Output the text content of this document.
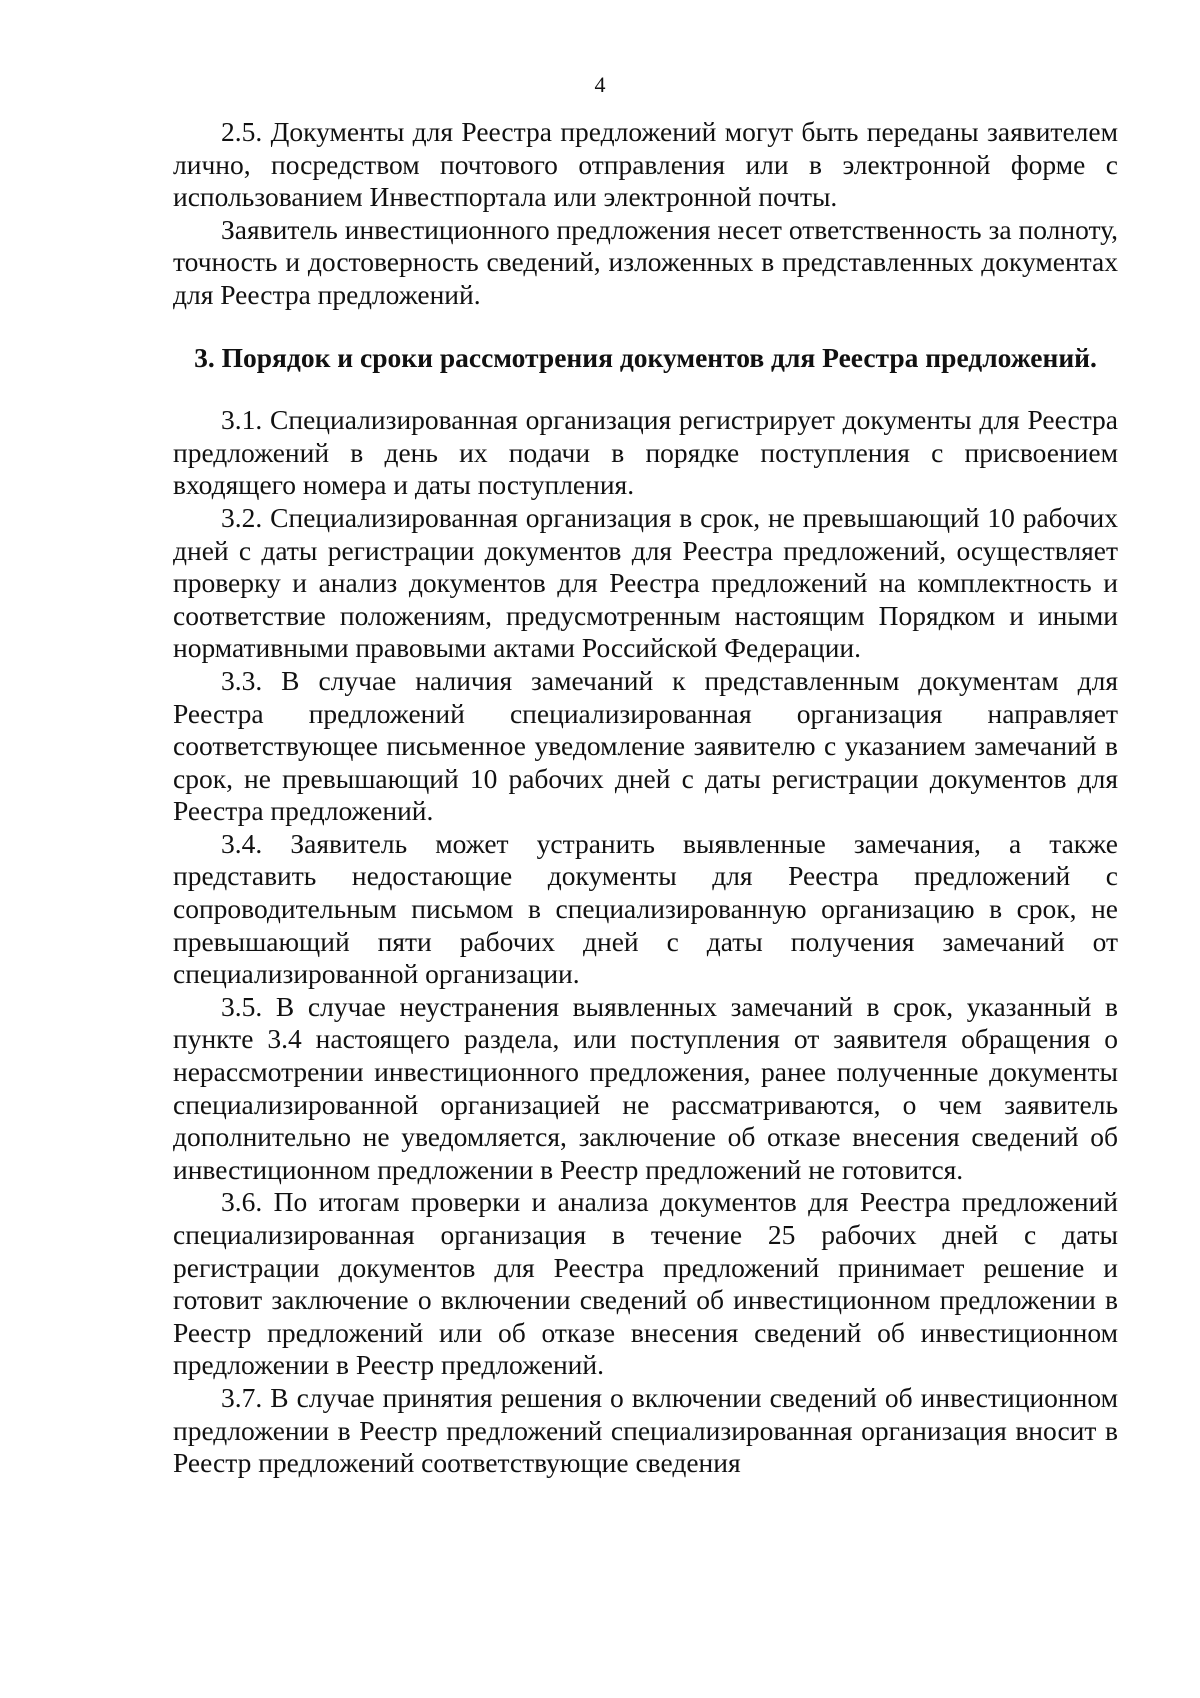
4

2.5. Документы для Реестра предложений могут быть переданы заявителем лично, посредством почтового отправления или в электронной форме с использованием Инвестпортала или электронной почты.

Заявитель инвестиционного предложения несет ответственность за полноту, точность и достоверность сведений, изложенных в представленных документах для Реестра предложений.

3. Порядок и сроки рассмотрения документов для Реестра предложений.

3.1. Специализированная организация регистрирует документы для Реестра предложений в день их подачи в порядке поступления с присвоением входящего номера и даты поступления.

3.2. Специализированная организация в срок, не превышающий 10 рабочих дней с даты регистрации документов для Реестра предложений, осуществляет проверку и анализ документов для Реестра предложений на комплектность и соответствие положениям, предусмотренным настоящим Порядком и иными нормативными правовыми актами Российской Федерации.

3.3. В случае наличия замечаний к представленным документам для Реестра предложений специализированная организация направляет соответствующее письменное уведомление заявителю с указанием замечаний в срок, не превышающий 10 рабочих дней с даты регистрации документов для Реестра предложений.

3.4. Заявитель может устранить выявленные замечания, а также представить недостающие документы для Реестра предложений с сопроводительным письмом в специализированную организацию в срок, не превышающий пяти рабочих дней с даты получения замечаний от специализированной организации.

3.5. В случае неустранения выявленных замечаний в срок, указанный в пункте 3.4 настоящего раздела, или поступления от заявителя обращения о нерассмотрении инвестиционного предложения, ранее полученные документы специализированной организацией не рассматриваются, о чем заявитель дополнительно не уведомляется, заключение об отказе внесения сведений об инвестиционном предложении в Реестр предложений не готовится.

3.6. По итогам проверки и анализа документов для Реестра предложений специализированная организация в течение 25 рабочих дней с даты регистрации документов для Реестра предложений принимает решение и готовит заключение о включении сведений об инвестиционном предложении в Реестр предложений или об отказе внесения сведений об инвестиционном предложении в Реестр предложений.

3.7. В случае принятия решения о включении сведений об инвестиционном предложении в Реестр предложений специализированная организация вносит в Реестр предложений соответствующие сведения
